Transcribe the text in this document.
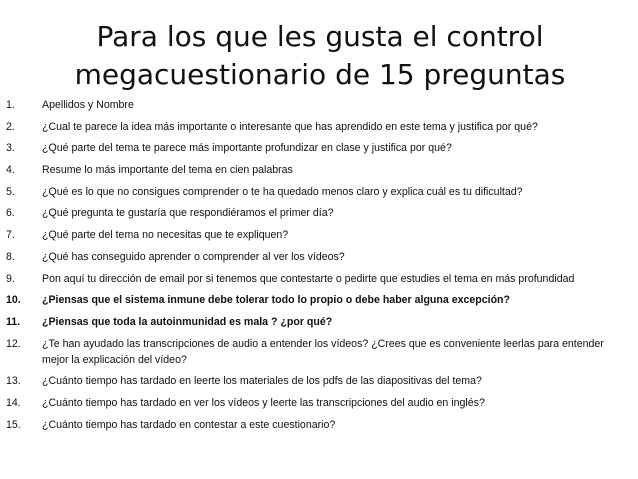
Para los que les gusta el control
megacuestionario de 15 preguntas
1.	Apellidos y Nombre
2.	¿Cual te parece la idea más importante o interesante que has aprendido en este tema y justifica por qué?
3.	¿Qué parte del tema te parece más importante profundizar en clase y justifica por qué?
4.	Resume lo más importante del tema en cien palabras
5.	¿Qué es lo que no consigues comprender o te ha quedado menos claro y explica cuál es tu dificultad?
6.	¿Qué pregunta te gustaría que respondiéramos el primer día?
7.	¿Qué parte del tema no necesitas que te expliquen?
8.	¿Qué has conseguido aprender o comprender al ver los vídeos?
9.	Pon aquí tu dirección de email por si tenemos que contestarte o pedirte que estudies el tema en más profundidad
10.	¿Piensas que el sistema inmune debe tolerar todo lo propio o debe haber alguna excepción?
11.	¿Piensas que toda la autoinmunidad es mala ? ¿por qué?
12.	¿Te han ayudado las transcripciones de audio a entender los vídeos? ¿Crees que es conveniente leerlas para entender mejor la explicación del vídeo?
13.	¿Cuánto tiempo has tardado en leerte los materiales de los pdfs de las diapositivas del tema?
14.	¿Cuánto tiempo has tardado en ver los vídeos y leerte las transcripciones del audio en inglés?
15.	¿Cuánto tiempo has tardado en contestar a este cuestionario?
